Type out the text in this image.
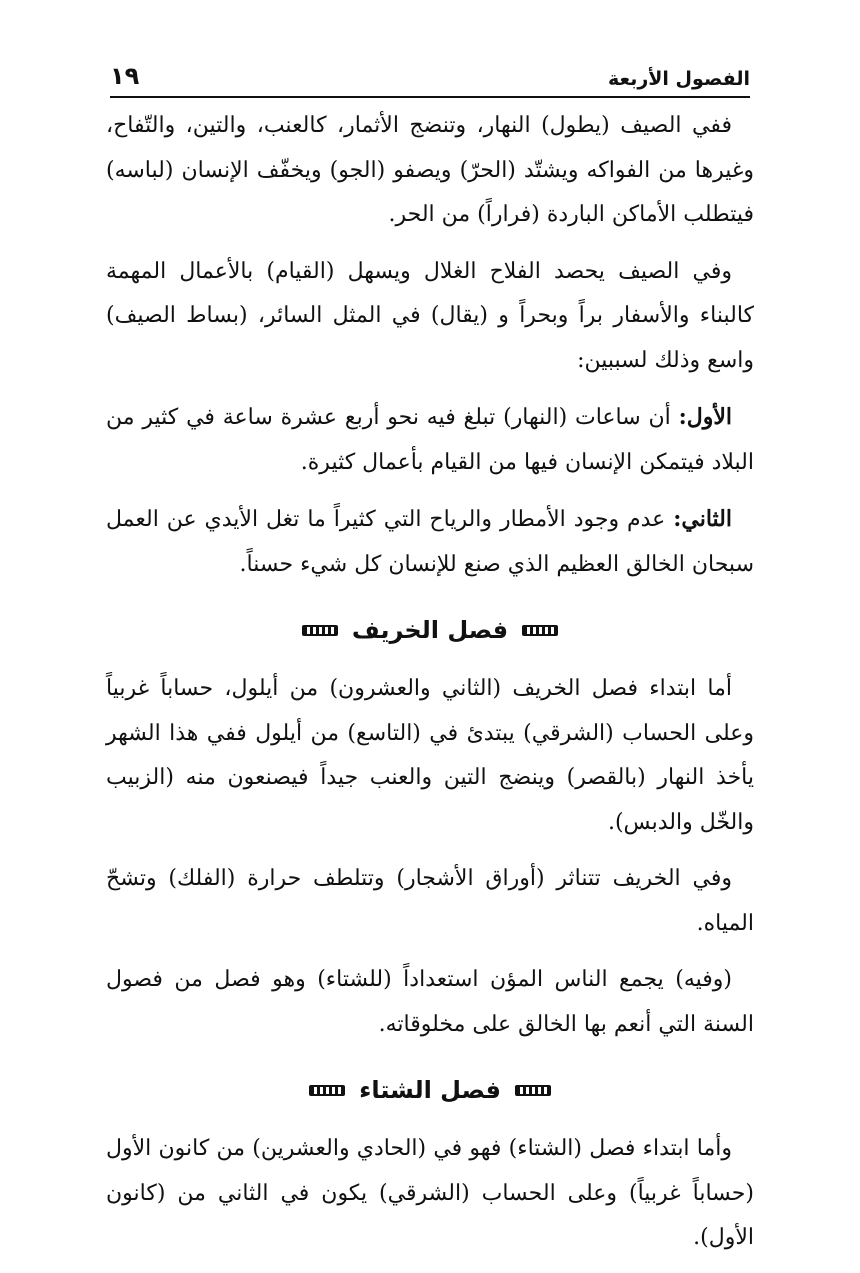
الفصول الأربعة
١٩

ففي الصيف (يطول) النهار، وتنضج الأثمار، كالعنب، والتين، والتّفاح، وغيرها من الفواكه ويشتّد (الحرّ) ويصفو (الجو) ويخفّف الإنسان (لباسه) فيتطلب الأماكن الباردة (فراراً) من الحر.

وفي الصيف يحصد الفلاح الغلال ويسهل (القيام) بالأعمال المهمة كالبناء والأسفار براً وبحراً و (يقال) في المثل السائر، (بساط الصيف) واسع وذلك لسببين:

الأول: أن ساعات (النهار) تبلغ فيه نحو أربع عشرة ساعة في كثير من البلاد فيتمكن الإنسان فيها من القيام بأعمال كثيرة.

الثاني: عدم وجود الأمطار والرياح التي كثيراً ما تغل الأيدي عن العمل سبحان الخالق العظيم الذي صنع للإنسان كل شيء حسناً.

فصل الخريف

أما ابتداء فصل الخريف (الثاني والعشرون) من أيلول، حساباً غربياً وعلى الحساب (الشرقي) يبتدئ في (التاسع) من أيلول ففي هذا الشهر يأخذ النهار (بالقصر) وينضج التين والعنب جيداً فيصنعون منه (الزبيب والخّل والدبس).

وفي الخريف تتناثر (أوراق الأشجار) وتتلطف حرارة (الفلك) وتشحّ المياه.

(وفيه) يجمع الناس المؤن استعداداً (للشتاء) وهو فصل من فصول السنة التي أنعم بها الخالق على مخلوقاته.

فصل الشتاء

وأما ابتداء فصل (الشتاء) فهو في (الحادي والعشرين) من كانون الأول (حساباً غربياً) وعلى الحساب (الشرقي) يكون في الثاني من (كانون الأول).
